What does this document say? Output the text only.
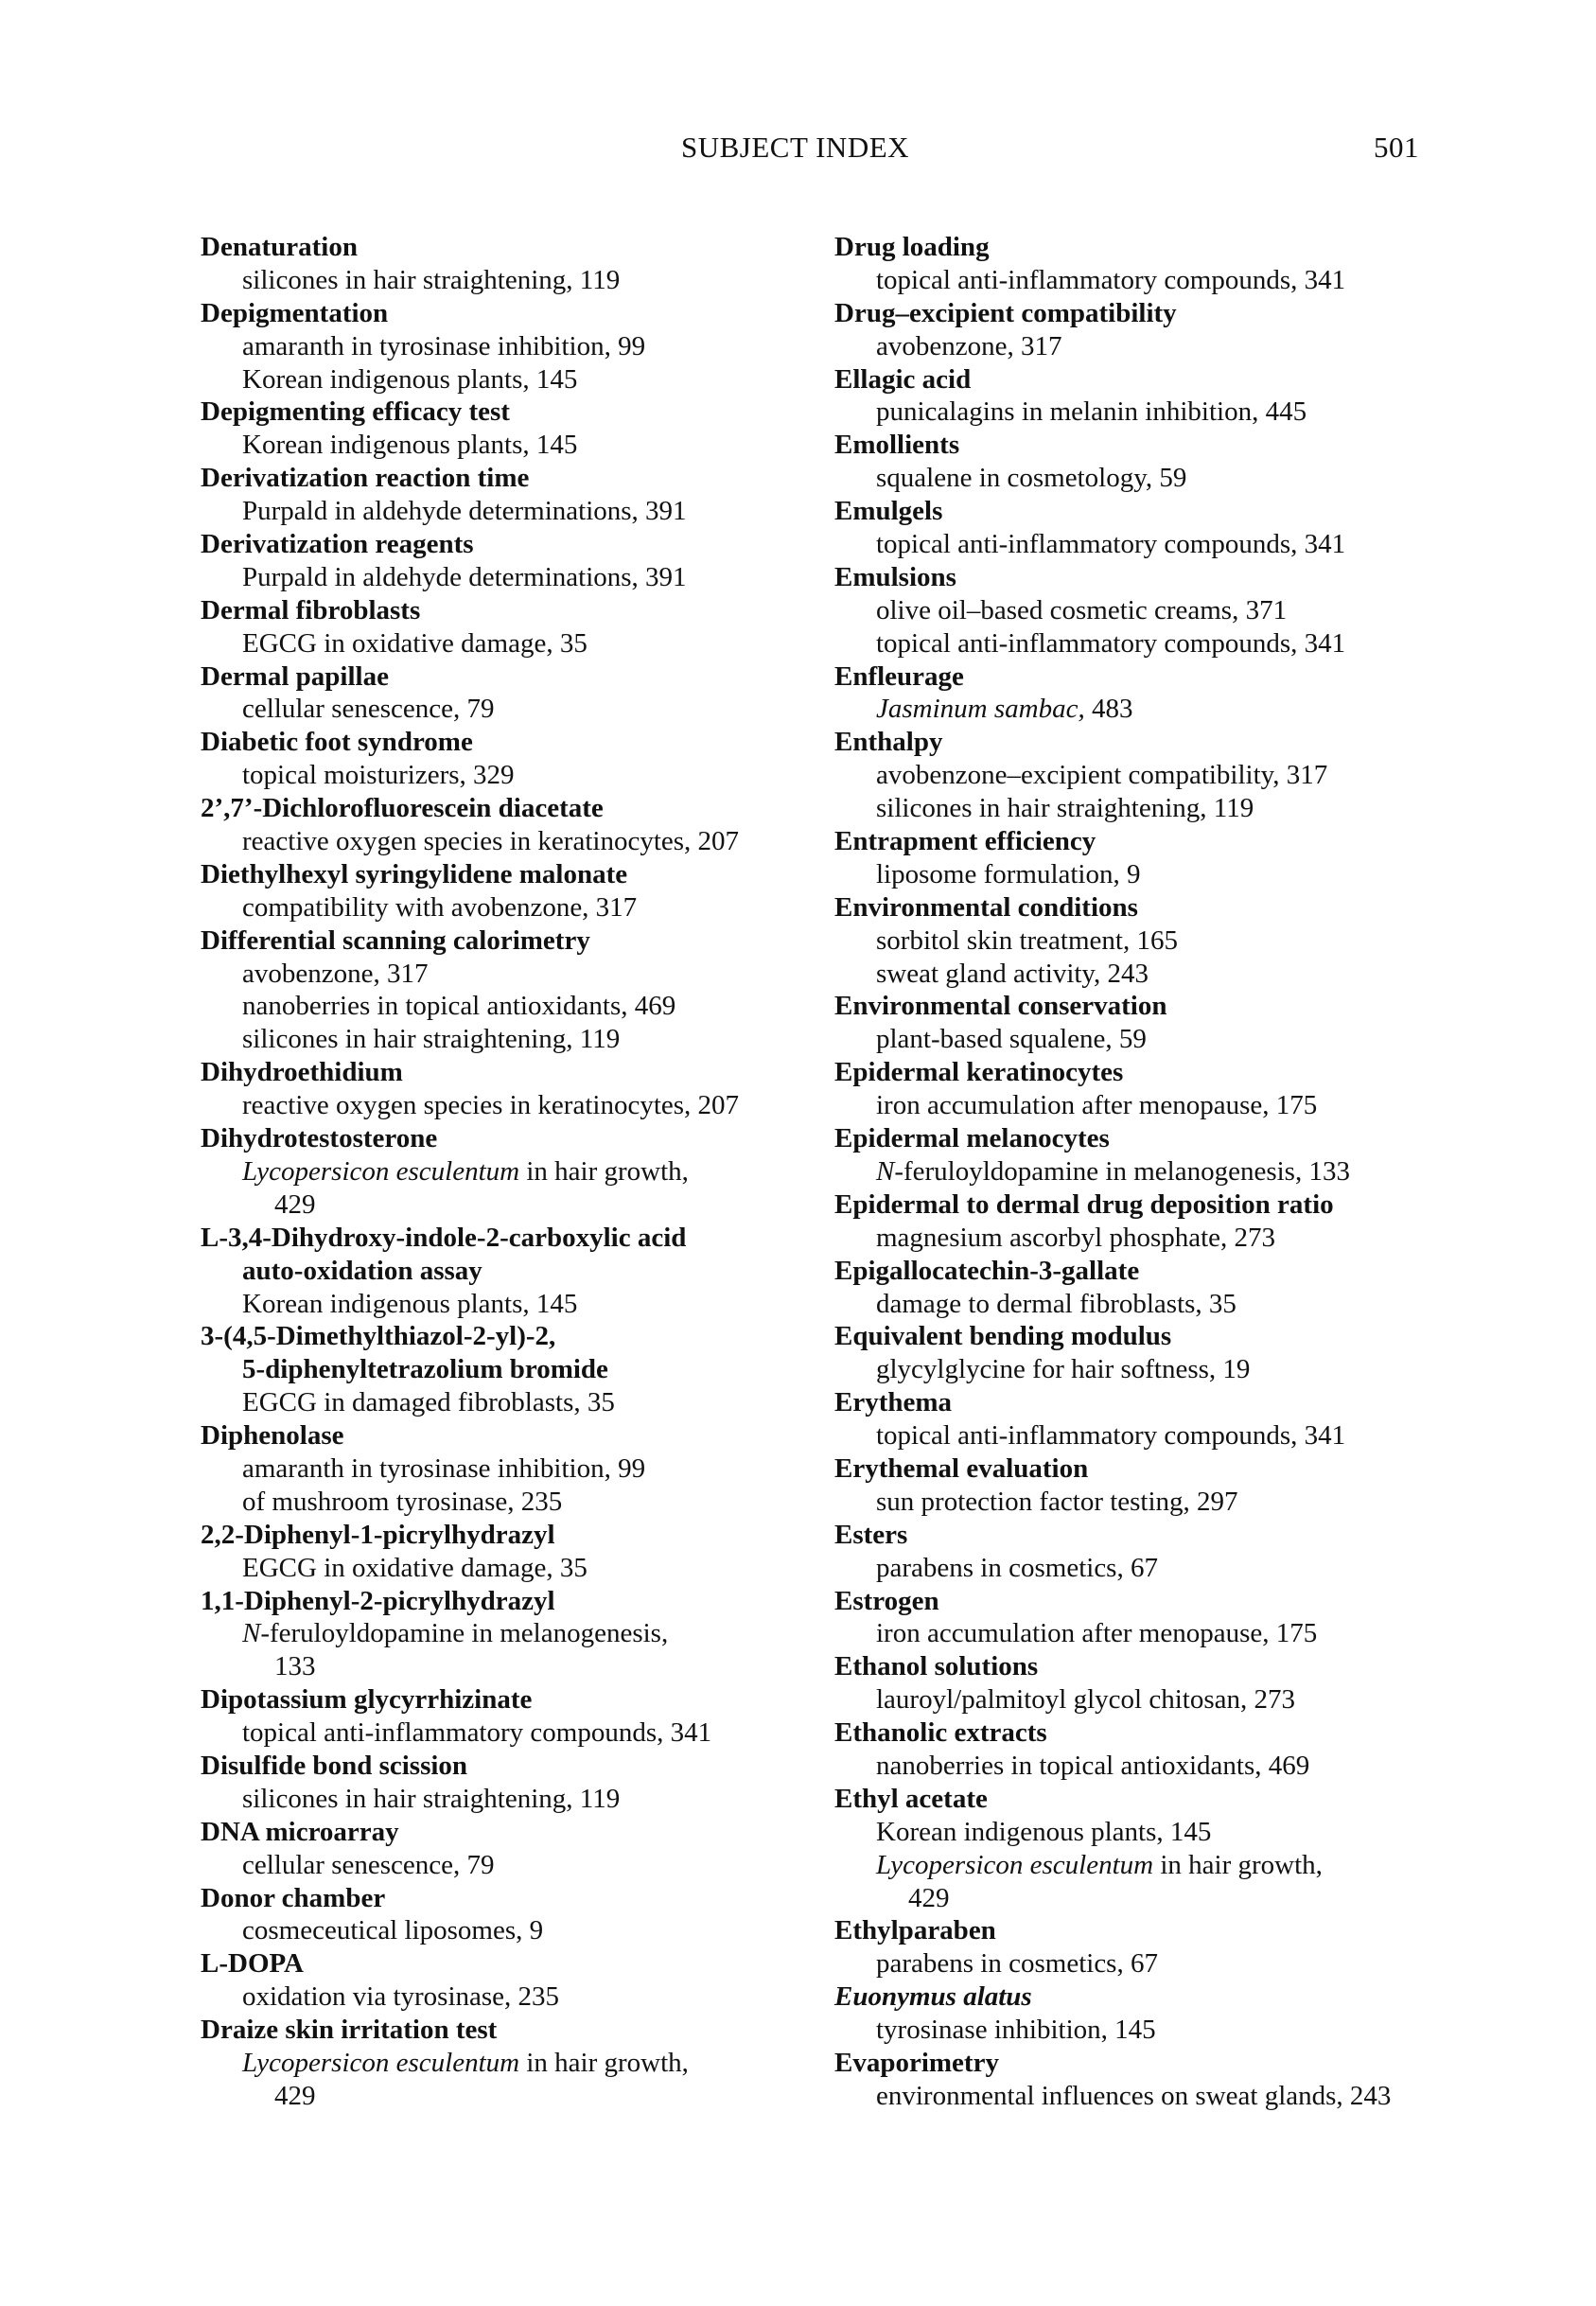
SUBJECT INDEX	501
Denaturation
silicones in hair straightening, 119
Depigmentation
amaranth in tyrosinase inhibition, 99
Korean indigenous plants, 145
Depigmenting efficacy test
Korean indigenous plants, 145
Derivatization reaction time
Purpald in aldehyde determinations, 391
Derivatization reagents
Purpald in aldehyde determinations, 391
Dermal fibroblasts
EGCG in oxidative damage, 35
Dermal papillae
cellular senescence, 79
Diabetic foot syndrome
topical moisturizers, 329
2’,7’-Dichlorofluorescein diacetate
reactive oxygen species in keratinocytes, 207
Diethylhexyl syringylidene malonate
compatibility with avobenzone, 317
Differential scanning calorimetry
avobenzone, 317
nanoberries in topical antioxidants, 469
silicones in hair straightening, 119
Dihydroethidium
reactive oxygen species in keratinocytes, 207
Dihydrotestosterone
Lycopersicon esculentum in hair growth,
429
L-3,4-Dihydroxy-indole-2-carboxylic acid
auto-oxidation assay
Korean indigenous plants, 145
3-(4,5-Dimethylthiazol-2-yl)-2,
5-diphenyltetrazolium bromide
EGCG in damaged fibroblasts, 35
Diphenolase
amaranth in tyrosinase inhibition, 99
of mushroom tyrosinase, 235
2,2-Diphenyl-1-picrylhydrazyl
EGCG in oxidative damage, 35
1,1-Diphenyl-2-picrylhydrazyl
N-feruloyldopamine in melanogenesis,
133
Dipotassium glycyrrhizinate
topical anti-inflammatory compounds, 341
Disulfide bond scission
silicones in hair straightening, 119
DNA microarray
cellular senescence, 79
Donor chamber
cosmeceutical liposomes, 9
L-DOPA
oxidation via tyrosinase, 235
Draize skin irritation test
Lycopersicon esculentum in hair growth,
429
Drug loading
topical anti-inflammatory compounds, 341
Drug–excipient compatibility
avobenzone, 317
Ellagic acid
punicalagins in melanin inhibition, 445
Emollients
squalene in cosmetology, 59
Emulgels
topical anti-inflammatory compounds, 341
Emulsions
olive oil–based cosmetic creams, 371
topical anti-inflammatory compounds, 341
Enfleurage
Jasminum sambac, 483
Enthalpy
avobenzone–excipient compatibility, 317
silicones in hair straightening, 119
Entrapment efficiency
liposome formulation, 9
Environmental conditions
sorbitol skin treatment, 165
sweat gland activity, 243
Environmental conservation
plant-based squalene, 59
Epidermal keratinocytes
iron accumulation after menopause, 175
Epidermal melanocytes
N-feruloyldopamine in melanogenesis, 133
Epidermal to dermal drug deposition ratio
magnesium ascorbyl phosphate, 273
Epigallocatechin-3-gallate
damage to dermal fibroblasts, 35
Equivalent bending modulus
glycylglycine for hair softness, 19
Erythema
topical anti-inflammatory compounds, 341
Erythemal evaluation
sun protection factor testing, 297
Esters
parabens in cosmetics, 67
Estrogen
iron accumulation after menopause, 175
Ethanol solutions
lauroyl/palmitoyl glycol chitosan, 273
Ethanolic extracts
nanoberries in topical antioxidants, 469
Ethyl acetate
Korean indigenous plants, 145
Lycopersicon esculentum in hair growth,
429
Ethylparaben
parabens in cosmetics, 67
Euonymus alatus
tyrosinase inhibition, 145
Evaporimetry
environmental influences on sweat glands, 243
